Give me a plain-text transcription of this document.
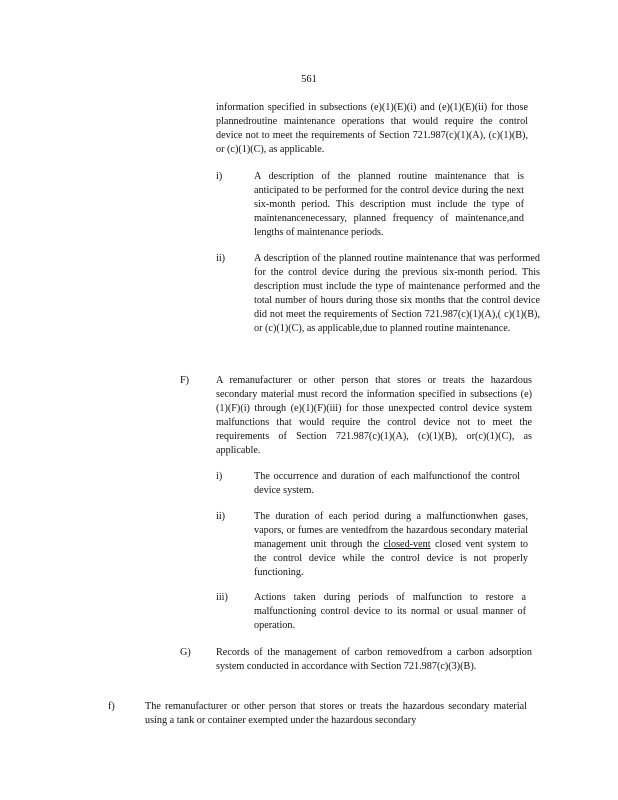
561
information specified in subsections (e)(1)(E)(i) and (e)(1)(E)(ii) for those plannedroutine maintenance operations that would require the control device not to meet the requirements of Section 721.987(c)(1)(A), (c)(1)(B), or (c)(1)(C), as applicable.
i)	A description of the planned routine maintenance that is anticipated to be performed for the control device during the next six-month period. This description must include the type of maintenancenecessary, planned frequency of maintenance,and lengths of maintenance periods.
ii)	A description of the planned routine maintenance that was performed for the control device during the previous six-month period. This description must include the type of maintenance performed and the total number of hours during those six months that the control device did not meet the requirements of Section 721.987(c)(1)(A),( c)(1)(B), or (c)(1)(C), as applicable,due to planned routine maintenance.
F)	A remanufacturer or other person that stores or treats the hazardous secondary material must record the information specified in subsections (e)(1)(F)(i) through (e)(1)(F)(iii) for those unexpected control device system malfunctions that would require the control device not to meet the requirements of Section 721.987(c)(1)(A), (c)(1)(B), or(c)(1)(C), as applicable.
i)	The occurrence and duration of each malfunctionof the control device system.
ii)	The duration of each period during a malfunctionwhen gases, vapors, or fumes are ventedfrom the hazardous secondary material management unit through the closed-vent closed vent system to the control device while the control device is not properly functioning.
iii)	Actions taken during periods of malfunction to restore a malfunctioning control device to its normal or usual manner of operation.
G) Records of the management of carbon removedfrom a carbon adsorption system conducted in accordance with Section 721.987(c)(3)(B).
f)	The remanufacturer or other person that stores or treats the hazardous secondary material using a tank or container exempted under the hazardous secondary
